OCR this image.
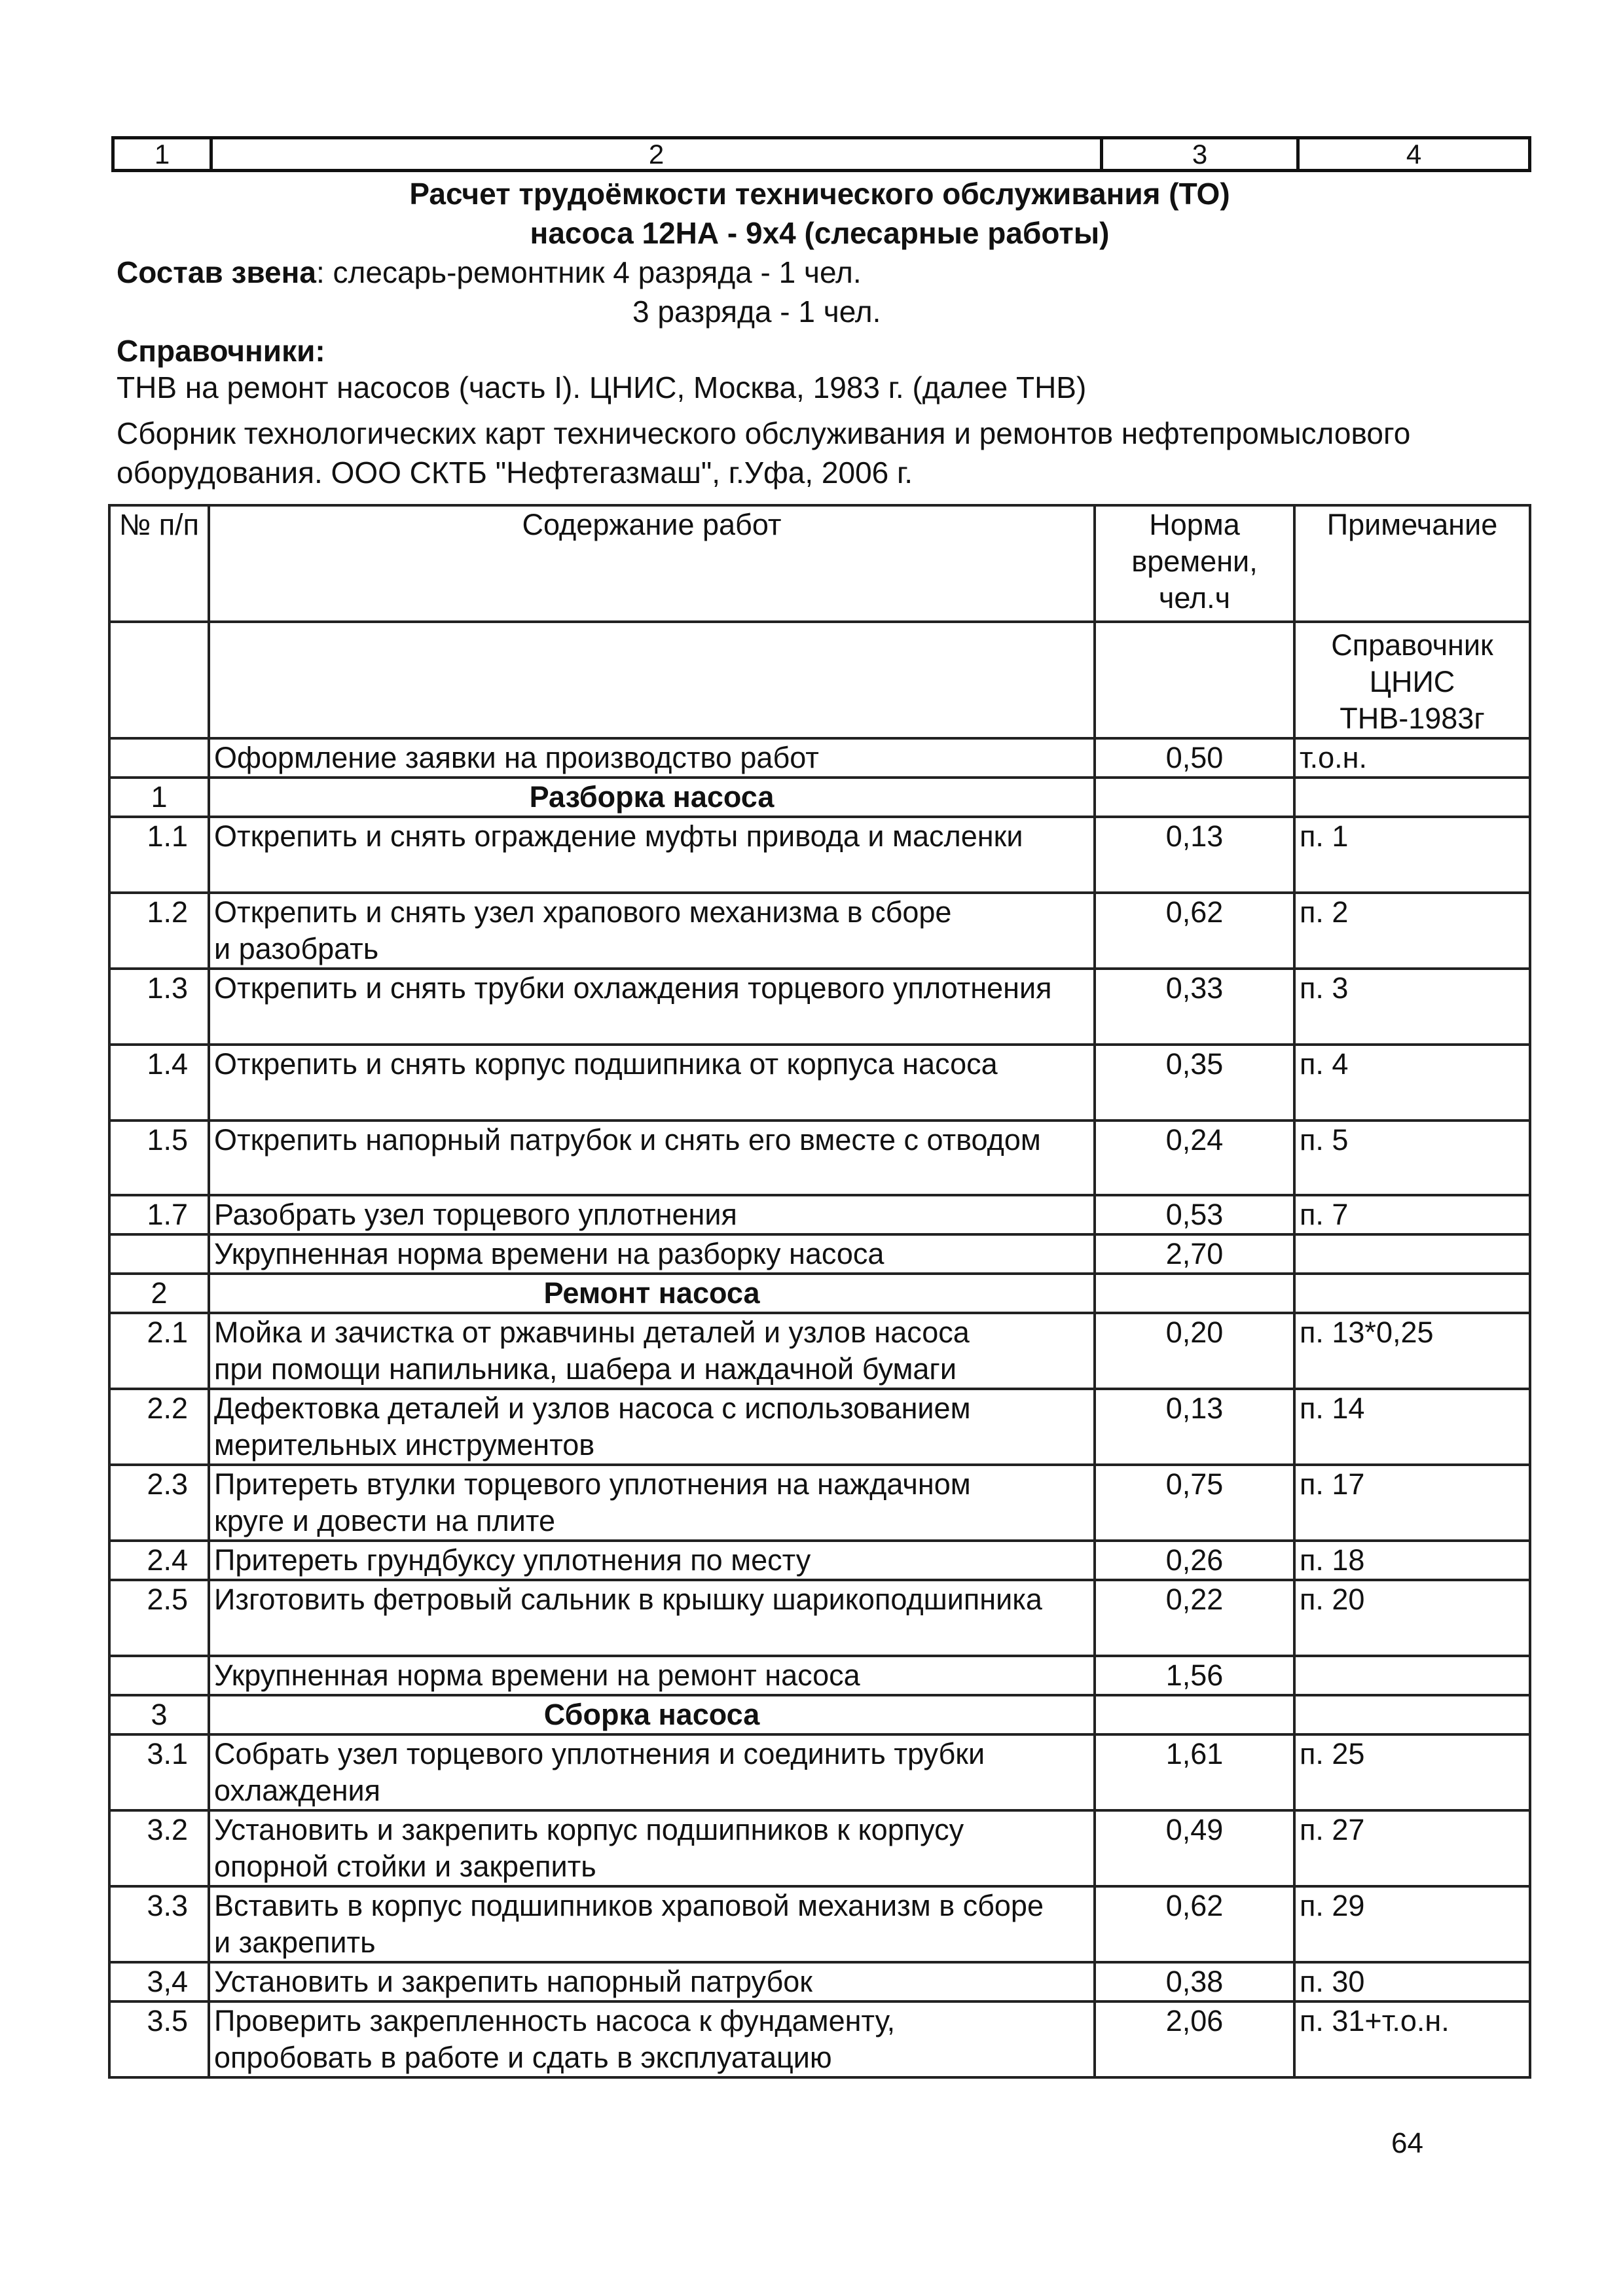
1	2	3	4
Расчет трудоёмкости технического обслуживания (ТО)
насоса 12НА - 9х4 (слесарные работы)
Состав звена: слесарь-ремонтник 4 разряда - 1 чел.
3 разряда - 1 чел.
Справочники:
ТНВ на ремонт насосов (часть I). ЦНИС, Москва, 1983 г. (далее ТНВ)
Сборник технологических карт технического обслуживания и ремонтов нефтепромыслового
оборудования. ООО СКТБ "Нефтегазмаш", г.Уфа, 2006 г.
№ п/п	Содержание работ	Норма
времени,
чел.ч	Примечание

			Справочник
ЦНИС
ТНВ-1983г

	Оформление заявки на производство работ	0,50	т.о.н.
1	Разборка насоса		

1.1	Открепить и снять ограждение муфты привода и масленки	0,13	п. 1
1.2	Открепить и снять узел храпового механизма в сборе
и разобрать	0,62	п. 2
1.3	Открепить и снять трубки охлаждения торцевого уплотнения	0,33	п. 3
1.4	Открепить и снять корпус подшипника от корпуса насоса	0,35	п. 4
1.5	Открепить напорный патрубок и снять его вместе с отводом	0,24	п. 5
1.7	Разобрать узел торцевого уплотнения	0,53	п. 7

	Укрупненная норма времени на разборку насоса	2,70	
2	Ремонт насоса		

2.1	Мойка и зачистка от ржавчины деталей и узлов насоса
при помощи напильника, шабера и наждачной бумаги	0,20	п. 13*0,25
2.2	Дефектовка деталей и узлов насоса с использованием
мерительных инструментов	0,13	п. 14
2.3	Притереть втулки торцевого уплотнения на наждачном
круге и довести на плите	0,75	п. 17
2.4	Притереть грундбуксу уплотнения по месту	0,26	п. 18
2.5	Изготовить фетровый сальник в крышку шарикоподшипника	0,22	п. 20

	Укрупненная норма времени на ремонт насоса	1,56	
3	Сборка насоса		

3.1	Собрать узел торцевого уплотнения и соединить трубки
охлаждения	1,61	п. 25
3.2	Установить и закрепить корпус подшипников к корпусу
опорной стойки и закрепить	0,49	п. 27
3.3	Вставить в корпус подшипников храповой механизм в сборе
и закрепить	0,62	п. 29
3,4	Установить и закрепить напорный патрубок	0,38	п. 30
3.5	Проверить закрепленность насоса к фундаменту,
опробовать в работе и сдать в эксплуатацию	2,06	п. 31+т.о.н.
64
